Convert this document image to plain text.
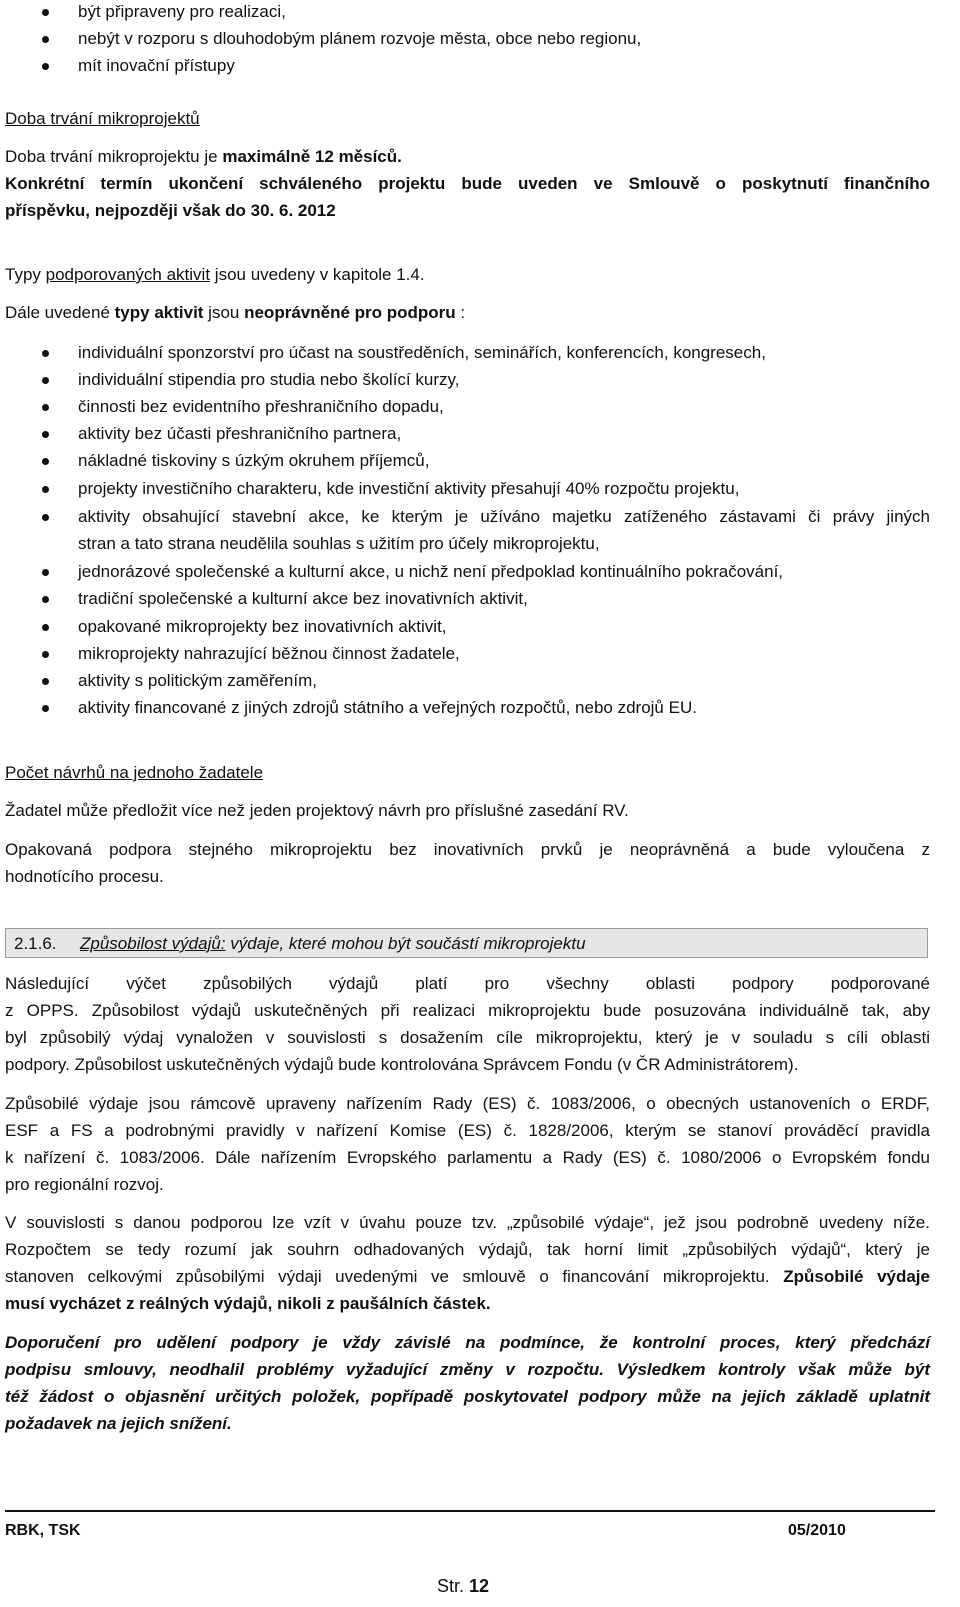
být připraveny pro realizaci,
nebýt v rozporu s dlouhodobým plánem rozvoje města, obce nebo regionu,
mít inovační přístupy
Doba trvání mikroprojektů
Doba trvání mikroprojektu je maximálně 12 měsíců.
Konkrétní termín ukončení schváleného projektu bude uveden ve Smlouvě o poskytnutí finančního
příspěvku, nejpozději však do 30. 6. 2012
Typy podporovaných aktivit jsou uvedeny v kapitole 1.4.
Dále uvedené typy aktivit jsou neoprávněné pro podporu :
individuální sponzorství pro účast na soustředěních, seminářích, konferencích, kongresech,
individuální stipendia pro studia nebo školící kurzy,
činnosti bez evidentního přeshraničního dopadu,
aktivity bez účasti přeshraničního partnera,
nákladné tiskoviny s úzkým okruhem příjemců,
projekty investičního charakteru, kde investiční aktivity přesahují 40% rozpočtu projektu,
aktivity obsahující stavební akce, ke kterým je užíváno majetku zatíženého zástavami či právy jiných
stran a tato strana neudělila souhlas s užitím pro účely mikroprojektu,
jednorázové společenské a kulturní akce, u nichž není předpoklad kontinuálního pokračování,
tradiční společenské a kulturní akce bez inovativních aktivit,
opakované mikroprojekty bez inovativních aktivit,
mikroprojekty nahrazující běžnou činnost žadatele,
aktivity s politickým zaměřením,
aktivity financované z jiných zdrojů státního a veřejných rozpočtů, nebo zdrojů EU.
Počet návrhů na jednoho žadatele
Žadatel může předložit více než jeden projektový návrh pro příslušné zasedání RV.
Opakovaná podpora stejného mikroprojektu bez inovativních prvků je neoprávněná a bude vyloučena z
hodnotícího procesu.
2.1.6. Způsobilost výdajů: výdaje, které mohou být součástí mikroprojektu
Následující výčet způsobilých výdajů platí pro všechny oblasti podpory podporované
z OPPS. Způsobilost výdajů uskutečněných při realizaci mikroprojektu bude posuzována individuálně tak, aby
byl způsobilý výdaj vynaložen v souvislosti s dosažením cíle mikroprojektu, který je v souladu s cíli oblasti
podpory. Způsobilost uskutečněných výdajů bude kontrolována Správcem Fondu (v ČR Administrátorem).
Způsobilé výdaje jsou rámcově upraveny nařízením Rady (ES) č. 1083/2006, o obecných ustanoveních o ERDF,
ESF a FS a podrobnými pravidly v nařízení Komise (ES) č. 1828/2006, kterým se stanoví prováděcí pravidla
k nařízení č. 1083/2006. Dále nařízením Evropského parlamentu a Rady (ES) č. 1080/2006 o Evropském fondu
pro regionální rozvoj.
V souvislosti s danou podporou lze vzít v úvahu pouze tzv. „způsobilé výdaje“, jež jsou podrobně uvedeny níže.
Rozpočtem se tedy rozumí jak souhrn odhadovaných výdajů, tak horní limit „způsobilých výdajů“, který je
stanoven celkovými způsobilými výdaji uvedenými ve smlouvě o financování mikroprojektu. Způsobilé výdaje
musí vycházet z reálných výdajů, nikoli z paušálních částek.
Doporučení pro udělení podpory je vždy závislé na podmínce, že kontrolní proces, který předchází
podpisu smlouvy, neodhalil problémy vyžadující změny v rozpočtu. Výsledkem kontroly však může být
též žádost o objasnění určitých položek, popřípadě poskytovatel podpory může na jejich základě uplatnit
požadavek na jejich snížení.
RBK, TSK	05/2010
Str. 12
